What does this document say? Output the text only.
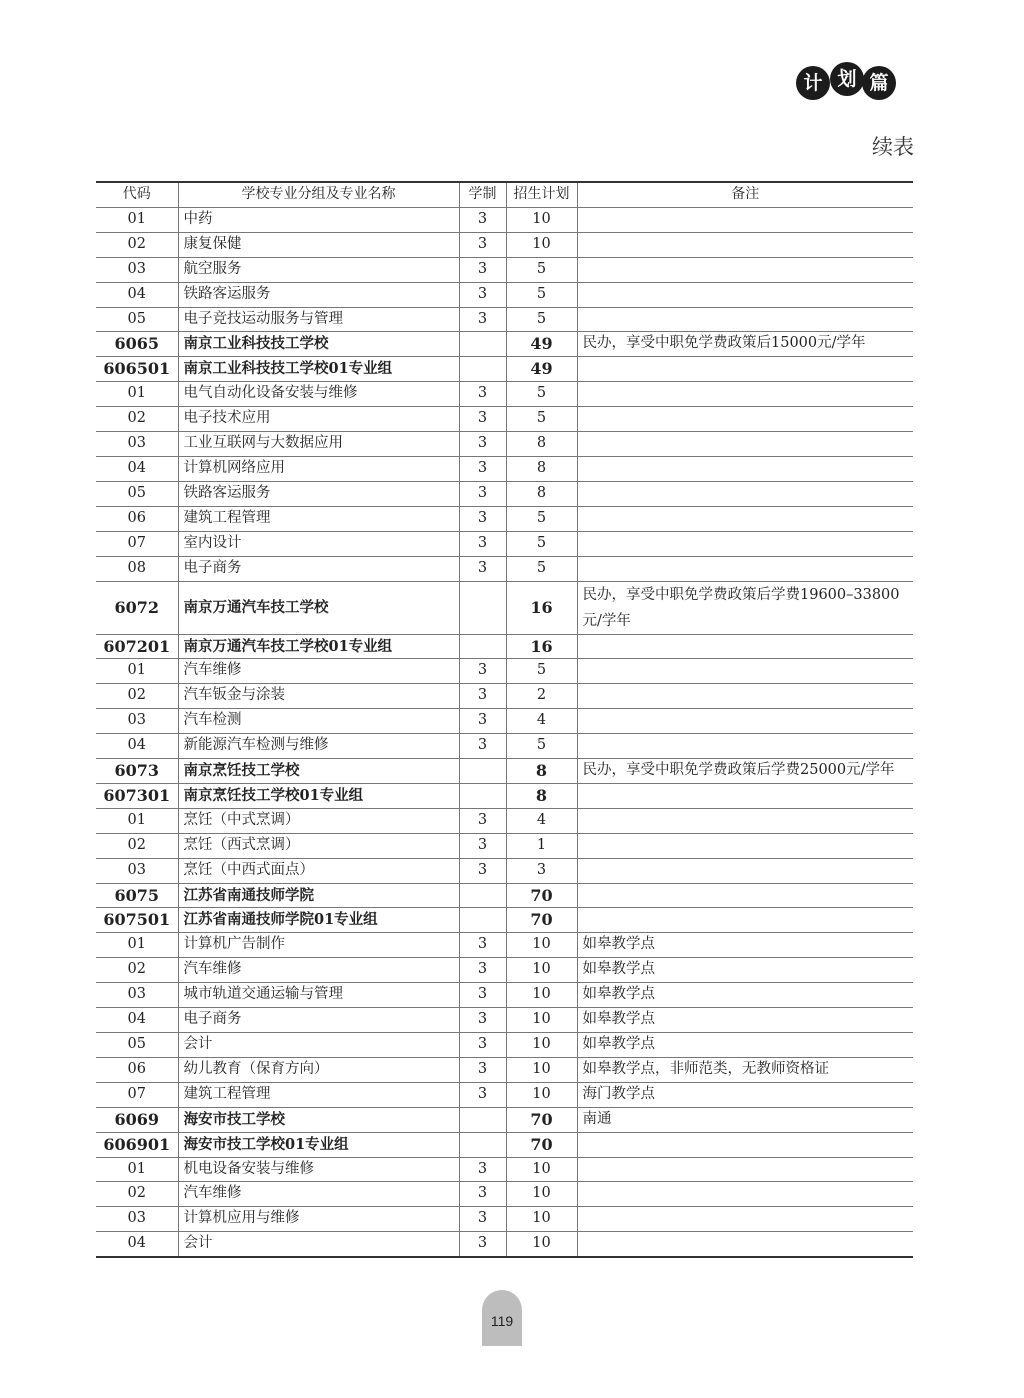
计 划 篇
续表
代码	学校专业分组及专业名称	学制	招生计划	备注
01	中药	3	10	
02	康复保健	3	10	
03	航空服务	3	5	
04	铁路客运服务	3	5	
05	电子竞技运动服务与管理	3	5	
6065	南京工业科技技工学校		49	民办，享受中职免学费政策后15000元/学年
606501	南京工业科技技工学校01专业组		49	
01	电气自动化设备安装与维修	3	5	
02	电子技术应用	3	5	
03	工业互联网与大数据应用	3	8	
04	计算机网络应用	3	8	
05	铁路客运服务	3	8	
06	建筑工程管理	3	5	
07	室内设计	3	5	
08	电子商务	3	5	
6072	南京万通汽车技工学校		16	民办，享受中职免学费政策后学费19600–33800元/学年
607201	南京万通汽车技工学校01专业组		16	
01	汽车维修	3	5	
02	汽车钣金与涂装	3	2	
03	汽车检测	3	4	
04	新能源汽车检测与维修	3	5	
6073	南京烹饪技工学校		8	民办，享受中职免学费政策后学费25000元/学年
607301	南京烹饪技工学校01专业组		8	
01	烹饪（中式烹调）	3	4	
02	烹饪（西式烹调）	3	1	
03	烹饪（中西式面点）	3	3	
6075	江苏省南通技师学院		70	
607501	江苏省南通技师学院01专业组		70	
01	计算机广告制作	3	10	如皋教学点
02	汽车维修	3	10	如皋教学点
03	城市轨道交通运输与管理	3	10	如皋教学点
04	电子商务	3	10	如皋教学点
05	会计	3	10	如皋教学点
06	幼儿教育（保育方向）	3	10	如皋教学点，非师范类，无教师资格证
07	建筑工程管理	3	10	海门教学点
6069	海安市技工学校		70	南通
606901	海安市技工学校01专业组		70	
01	机电设备安装与维修	3	10	
02	汽车维修	3	10	
03	计算机应用与维修	3	10	
04	会计	3	10	
119
